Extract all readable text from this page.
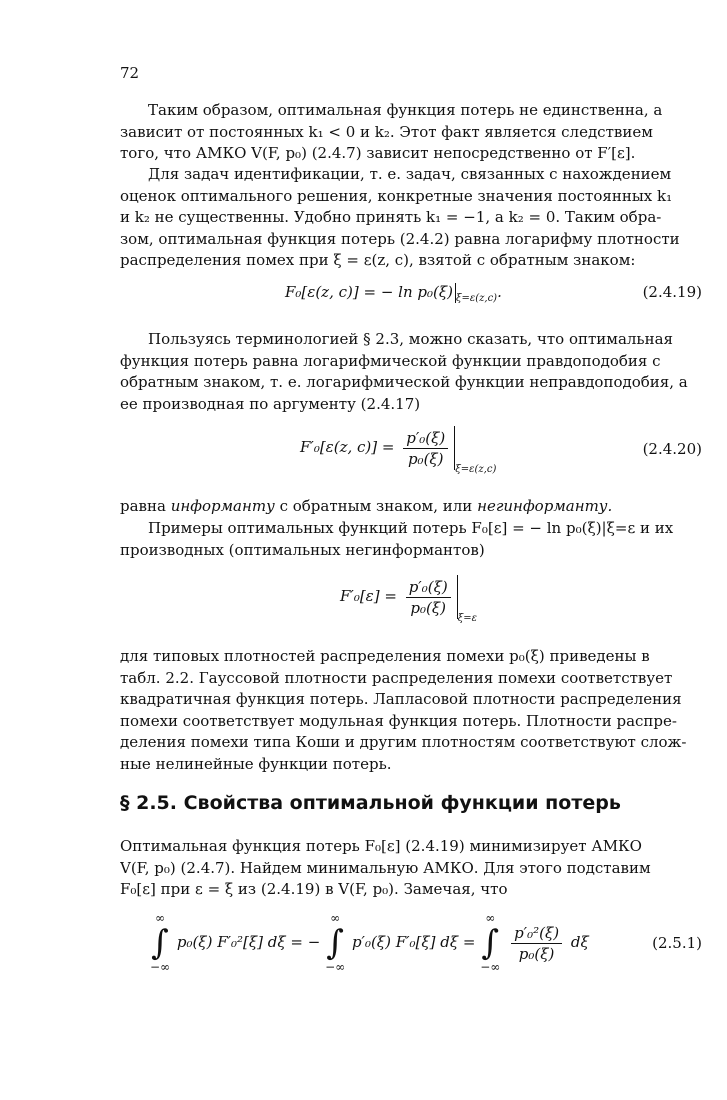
72
Таким образом, оптимальная функция потерь не единственна, а
зависит от постоянных k₁ < 0 и k₂. Этот факт является следствием
того, что АМКО V(F, p₀) (2.4.7) зависит непосредственно от F′[ε].
Для задач идентификации, т. е. задач, связанных с нахождением
оценок оптимального решения, конкретные значения постоянных k₁
и k₂ не существенны. Удобно принять k₁ = −1, а k₂ = 0. Таким обра-
зом, оптимальная функция потерь (2.4.2) равна логарифму плотности
распределения помех при ξ = ε(z, c), взятой с обратным знаком:
F₀[ε(z, c)] = − ln p₀(ξ) $_{\xi=\varepsilon(z,c)}$.	(2.4.19)
Пользуясь терминологией § 2.3, можно сказать, что оптимальная
функция потерь равна логарифмической функции правдоподобия с
обратным знаком, т. е. логарифмической функции неправдоподобия, а
ее производная по аргументу (2.4.17)
F′₀[ε(z, $c)] = \frac{\text{p′₀(ξ)}}{\text{p₀(ξ)}}$
$_{\xi=\varepsilon(z,c)}$
(2.4.20)
равна информанту с обратным знаком, или негинформанту.
Примеры оптимальных функций потерь F₀[ε] = − ln p₀(ξ)|ξ=ε и их
производных (оптимальных негинформантов)
$F'_0[\varepsilon] = \frac{\text{p′₀(ξ)}}{\text{p₀(ξ)}}$
$_{\xi=\varepsilon}$
для типовых плотностей распределения помехи p₀(ξ) приведены в
табл. 2.2. Гауссовой плотности распределения помехи соответствует
квадратичная функция потерь. Лапласовой плотности распределения
помехи соответствует модульная функция потерь. Плотности распре-
деления помехи типа Коши и другим плотностям соответствуют слож-
ные нелинейные функции потерь.
§ 2.5. Свойства оптимальной функции потерь
Оптимальная функция потерь F₀[ε] (2.4.19) минимизирует АМКО
V(F, p₀) (2.4.7). Найдем минимальную АМКО. Для этого подставим
F₀[ε] при ε = ξ из (2.4.19) в V(F, p₀). Замечая, что
∞
∫
−∞
p₀(ξ) F′₀²[ξ] dξ = −
∞
∫
−∞
p′₀(ξ) F′₀[ξ] dξ =
∞
∫
−∞

$\frac{\text{p′₀²(ξ)}}{\text{p₀(ξ)}}$ dξ	(2.5.1)
